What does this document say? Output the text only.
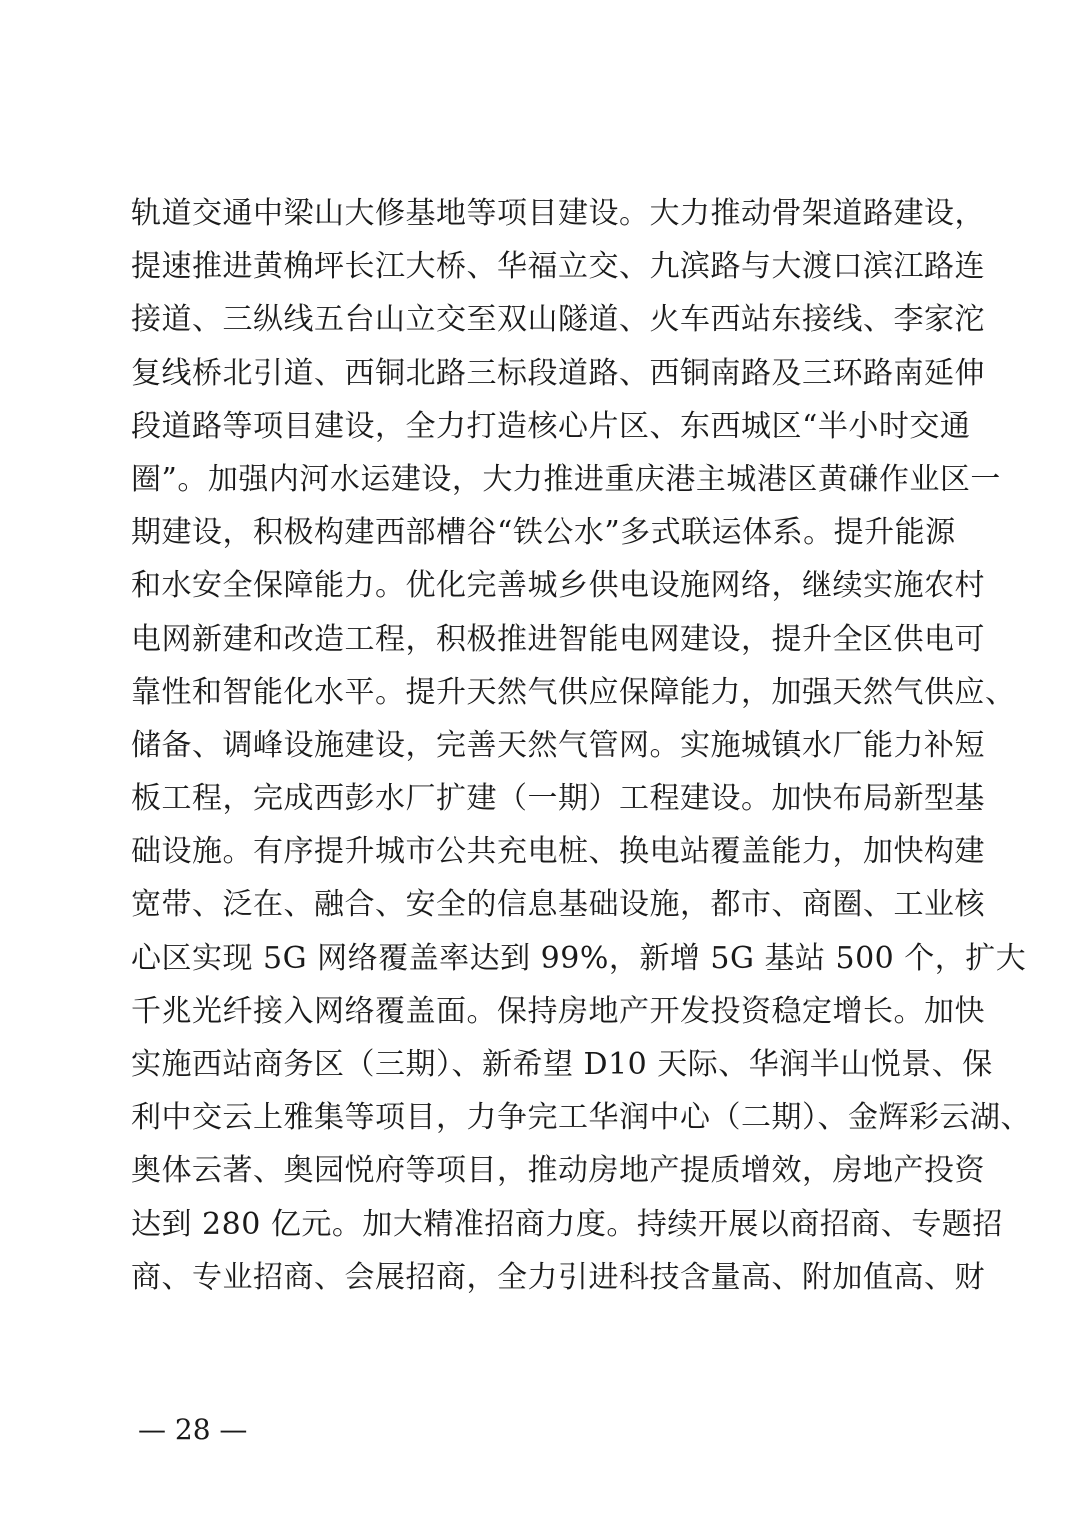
轨道交通中梁山大修基地等项目建设。大力推动骨架道路建设，
提速推进黄桷坪长江大桥、华福立交、九滨路与大渡口滨江路连
接道、三纵线五台山立交至双山隧道、火车西站东接线、李家沱
复线桥北引道、西铜北路三标段道路、西铜南路及三环路南延伸
段道路等项目建设，全力打造核心片区、东西城区“半小时交通
圈”。加强内河水运建设，大力推进重庆港主城港区黄磏作业区一
期建设，积极构建西部槽谷“铁公水”多式联运体系。提升能源
和水安全保障能力。优化完善城乡供电设施网络，继续实施农村
电网新建和改造工程，积极推进智能电网建设，提升全区供电可
靠性和智能化水平。提升天然气供应保障能力，加强天然气供应、
储备、调峰设施建设，完善天然气管网。实施城镇水厂能力补短
板工程，完成西彭水厂扩建（一期）工程建设。加快布局新型基
础设施。有序提升城市公共充电桩、换电站覆盖能力，加快构建
宽带、泛在、融合、安全的信息基础设施，都市、商圈、工业核
心区实现 5G 网络覆盖率达到 99%，新增 5G 基站 500 个，扩大
千兆光纤接入网络覆盖面。保持房地产开发投资稳定增长。加快
实施西站商务区（三期）、新希望 D10 天际、华润半山悦景、保
利中交云上雅集等项目，力争完工华润中心（二期）、金辉彩云湖、
奥体云著、奥园悦府等项目，推动房地产提质增效，房地产投资
达到 280 亿元。加大精准招商力度。持续开展以商招商、专题招
商、专业招商、会展招商，全力引进科技含量高、附加值高、财
— 28 —
